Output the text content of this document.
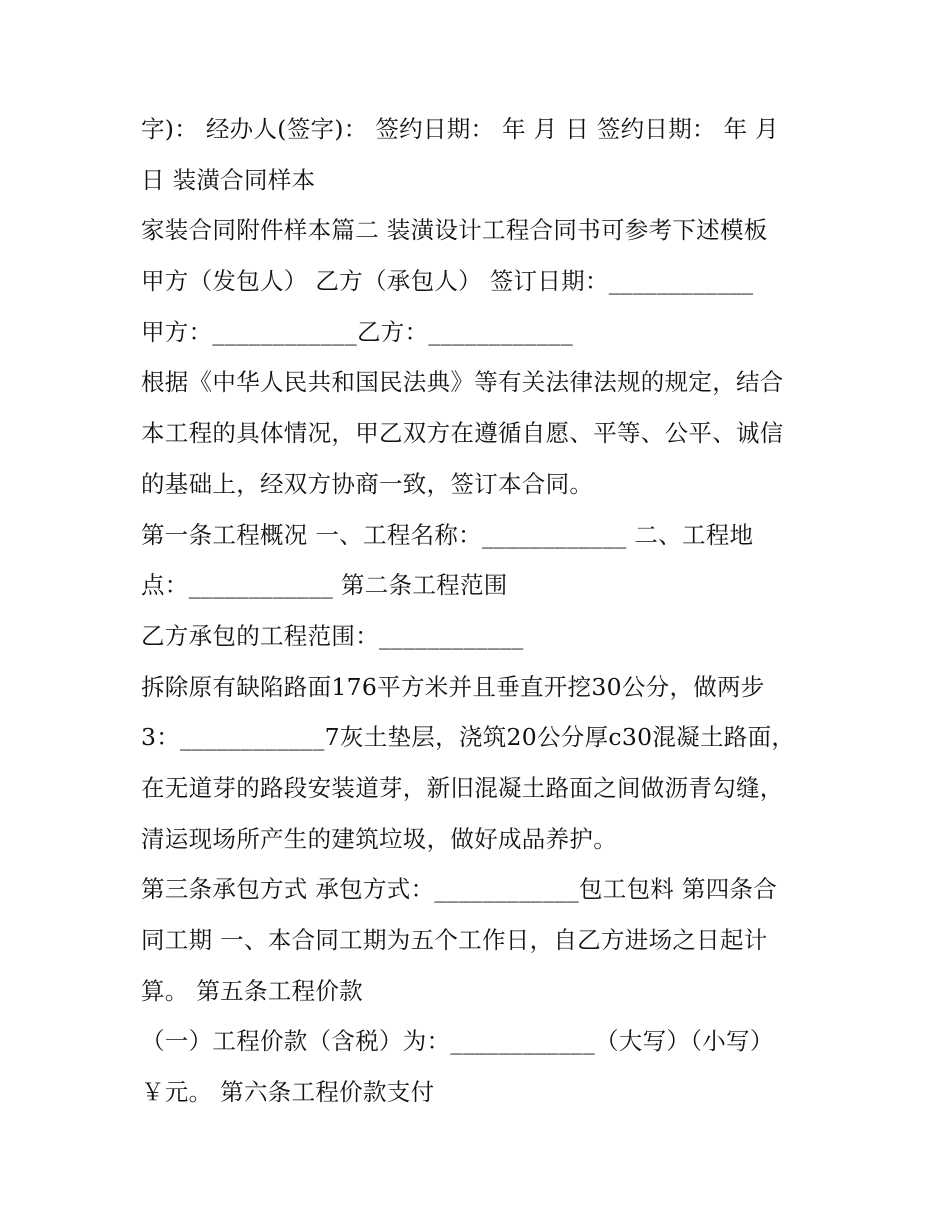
字)： 经办人(签字)： 签约日期： 年 月 日 签约日期： 年 月
日 装潢合同样本
家装合同附件样本篇二 装潢设计工程合同书可参考下述模板
甲方（发包人） 乙方（承包人） 签订日期：____________
甲方：____________乙方：____________
根据《中华人民共和国民法典》等有关法律法规的规定，结合
本工程的具体情况，甲乙双方在遵循自愿、平等、公平、诚信
的基础上，经双方协商一致，签订本合同。
第一条工程概况 一、工程名称：____________ 二、工程地
点：____________ 第二条工程范围
乙方承包的工程范围：____________
拆除原有缺陷路面176平方米并且垂直开挖30公分，做两步
3：____________7灰土垫层，浇筑20公分厚c30混凝土路面，
在无道芽的路段安装道芽，新旧混凝土路面之间做沥青勾缝，
清运现场所产生的建筑垃圾，做好成品养护。
第三条承包方式 承包方式：____________包工包料 第四条合
同工期 一、本合同工期为五个工作日，自乙方进场之日起计
算。 第五条工程价款
（一）工程价款（含税）为：____________（大写）（小写）
￥元。 第六条工程价款支付
